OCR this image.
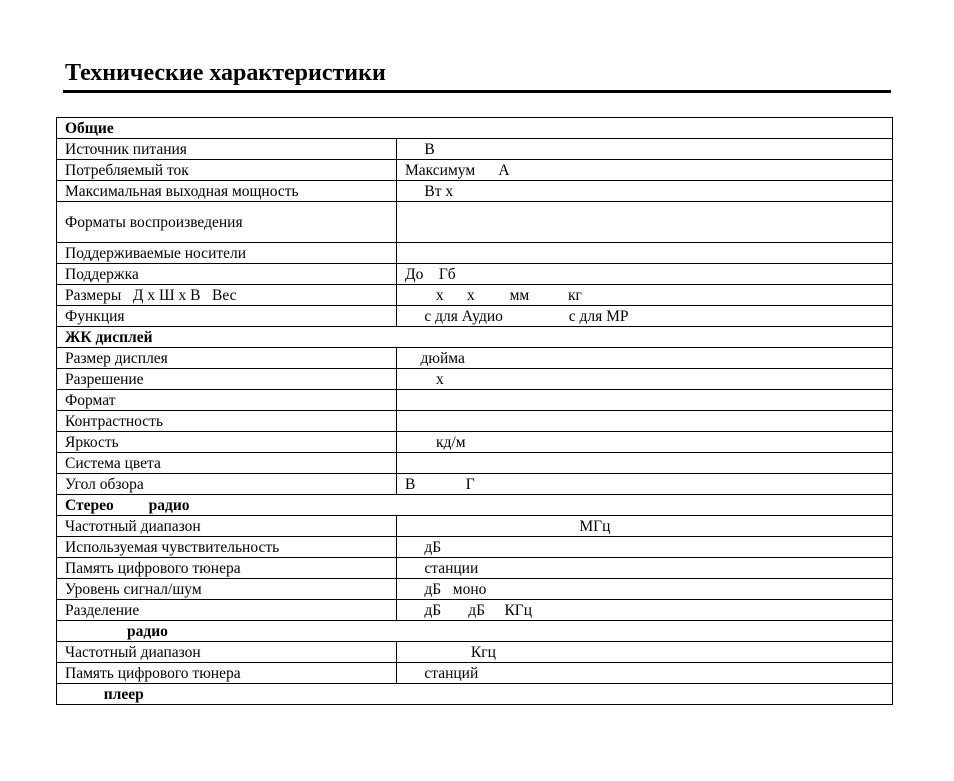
Технические характеристики
Общие	
Источник питания	В
Потребляемый ток	Максимум      А
Максимальная выходная мощность	Вт х
Форматы воспроизведения	
Поддерживаемые носители	
Поддержка	До    Гб
Размеры   Д х Ш х В   Вес	х      х         мм          кг
Функция	с для Аудио                 с для МР
ЖК дисплей	
Размер дисплея	дюйма
Разрешение	х
Формат	
Контрастность	
Яркость	кд/м
Система цвета	
Угол обзора	В             Г
Стерео         радио	
Частотный диапазон	МГц
Используемая чувствительность	дБ
Память цифрового тюнера	станции
Уровень сигнал/шум	дБ   моно
Разделение	дБ       дБ     КГц
радио	
Частотный диапазон	Кгц
Память цифрового тюнера	станций
плеер	
